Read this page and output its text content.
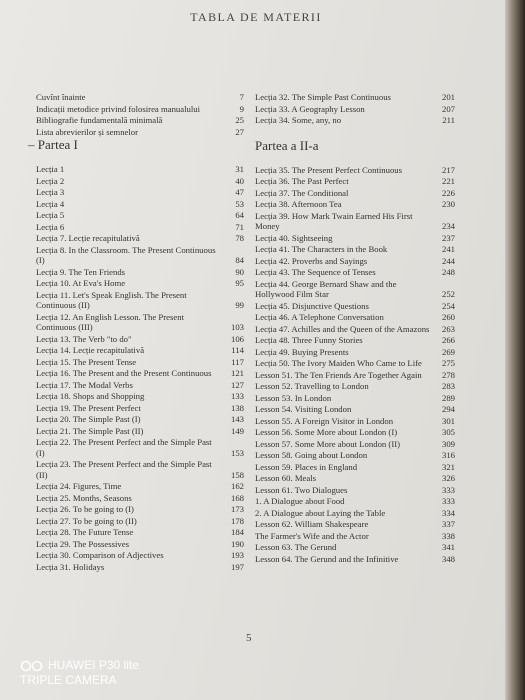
TABLA DE MATERII
Cuvînt înainte	7
Indicații metodice privind folosirea manualului	9
Bibliografie fundamentală minimală	25
Lista abrevierilor și semnelor	27
– Partea I
Lecția 1	31
Lecția 2	40
Lecția 3	47
Lecția 4	53
Lecția 5	64
Lecția 6	71
Lecția 7. Lecție recapitulativă	78
Lecția 8. In the Classroom. The Present Continuous (I)	84
Lecția 9. The Ten Friends	90
Lecția 10. At Eva's Home	95
Lecția 11. Let's Speak English. The Present Continuous (II)	99
Lecția 12. An English Lesson. The Present Continuous (III)	103
Lecția 13. The Verb "to do"	106
Lecția 14. Lecție recapitulativă	114
Lecția 15. The Present Tense	117
Lecția 16. The Present and the Present Continuous	121
Lecția 17. The Modal Verbs	127
Lecția 18. Shops and Shopping	133
Lecția 19. The Present Perfect	138
Lecția 20. The Simple Past (I)	143
Lecția 21. The Simple Past (II)	149
Lecția 22. The Present Perfect and the Simple Past (I)	153
Lecția 23. The Present Perfect and the Simple Past (II)	158
Lecția 24. Figures, Time	162
Lecția 25. Months, Seasons	168
Lecția 26. To be going to (I)	173
Lecția 27. To be going to (II)	178
Lecția 28. The Future Tense	184
Lecția 29. The Possessives	190
Lecția 30. Comparison of Adjectives	193
Lecția 31. Holidays	197
Lecția 32. The Simple Past Continuous	201
Lecția 33. A Geography Lesson	207
Lecția 34. Some, any, no	211
Partea a II-a
Lecția 35. The Present Perfect Continuous	217
Lecția 36. The Past Perfect	221
Lecția 37. The Conditional	226
Lecția 38. Afternoon Tea	230
Lecția 39. How Mark Twain Earned His First Money	234
Lecția 40. Sightseeing	237
Lecția 41. The Characters in the Book	241
Lecția 42. Proverbs and Sayings	244
Lecția 43. The Sequence of Tenses	248
Lecția 44. George Bernard Shaw and the Hollywood Film Star	252
Lecția 45. Disjunctive Questions	254
Lecția 46. A Telephone Conversation	260
Lecția 47. Achilles and the Queen of the Amazons	263
Lecția 48. Three Funny Stories	266
Lecția 49. Buying Presents	269
Lecția 50. The Ivory Maiden Who Came to Life	275
Lesson 51. The Ten Friends Are Together Again	278
Lesson 52. Travelling to London	283
Lesson 53. In London	289
Lesson 54. Visiting London	294
Lesson 55. A Foreign Visitor in London	301
Lesson 56. Some More about London (I)	305
Lesson 57. Some More about London (II)	309
Lesson 58. Going about London	316
Lesson 59. Places in England	321
Lesson 60. Meals	326
Lesson 61. Two Dialogues	333
1. A Dialogue about Food	333
2. A Dialogue about Laying the Table	334
Lesson 62. William Shakespeare	337
The Farmer's Wife and the Actor	338
Lesson 63. The Gerund	341
Lesson 64. The Gerund and the Infinitive	348
5
HUAWEI P30 lite
TRIPLE CAMERA
